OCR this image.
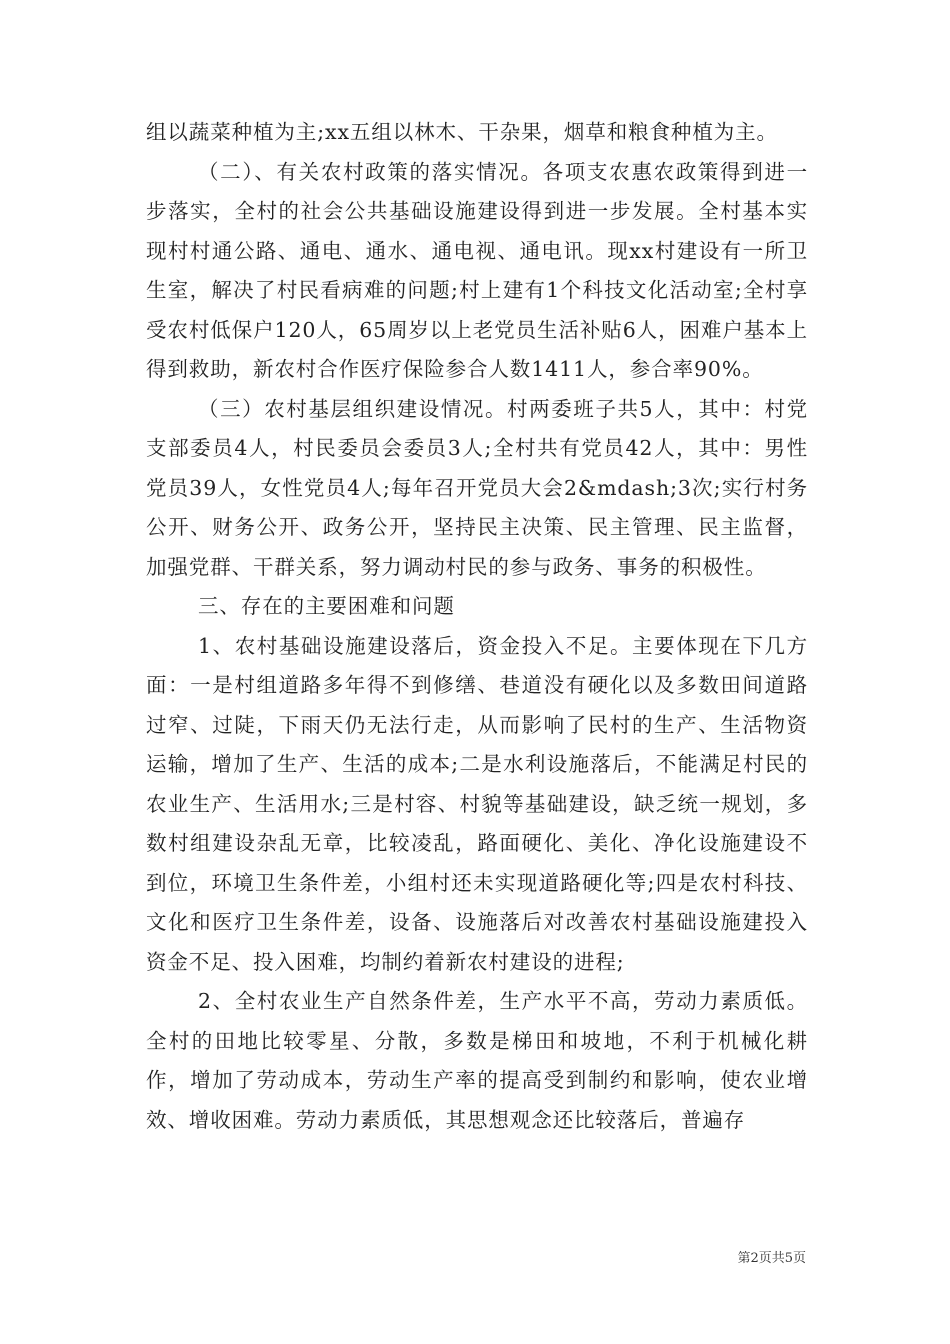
组以蔬菜种植为主;xx五组以林木、干杂果，烟草和粮食种植为主。

（二）、有关农村政策的落实情况。各项支农惠农政策得到进一步落实，全村的社会公共基础设施建设得到进一步发展。全村基本实现村村通公路、通电、通水、通电视、通电讯。现xx村建设有一所卫生室，解决了村民看病难的问题;村上建有1个科技文化活动室;全村享受农村低保户120人，65周岁以上老党员生活补贴6人，困难户基本上得到救助，新农村合作医疗保险参合人数1411人，参合率90%。

（三）农村基层组织建设情况。村两委班子共5人，其中：村党支部委员4人，村民委员会委员3人;全村共有党员42人，其中：男性党员39人，女性党员4人;每年召开党员大会2&mdash;3次;实行村务公开、财务公开、政务公开，坚持民主决策、民主管理、民主监督，加强党群、干群关系，努力调动村民的参与政务、事务的积极性。

三、存在的主要困难和问题

1、农村基础设施建设落后，资金投入不足。主要体现在下几方面：一是村组道路多年得不到修缮、巷道没有硬化以及多数田间道路过窄、过陡，下雨天仍无法行走，从而影响了民村的生产、生活物资运输，增加了生产、生活的成本;二是水利设施落后，不能满足村民的农业生产、生活用水;三是村容、村貌等基础建设，缺乏统一规划，多数村组建设杂乱无章，比较凌乱，路面硬化、美化、净化设施建设不到位，环境卫生条件差，小组村还未实现道路硬化等;四是农村科技、文化和医疗卫生条件差，设备、设施落后对改善农村基础设施建投入资金不足、投入困难，均制约着新农村建设的进程;

2、全村农业生产自然条件差，生产水平不高，劳动力素质低。全村的田地比较零星、分散，多数是梯田和坡地，不利于机械化耕作，增加了劳动成本，劳动生产率的提高受到制约和影响，使农业增效、增收困难。劳动力素质低，其思想观念还比较落后，普遍存

第2页共5页
